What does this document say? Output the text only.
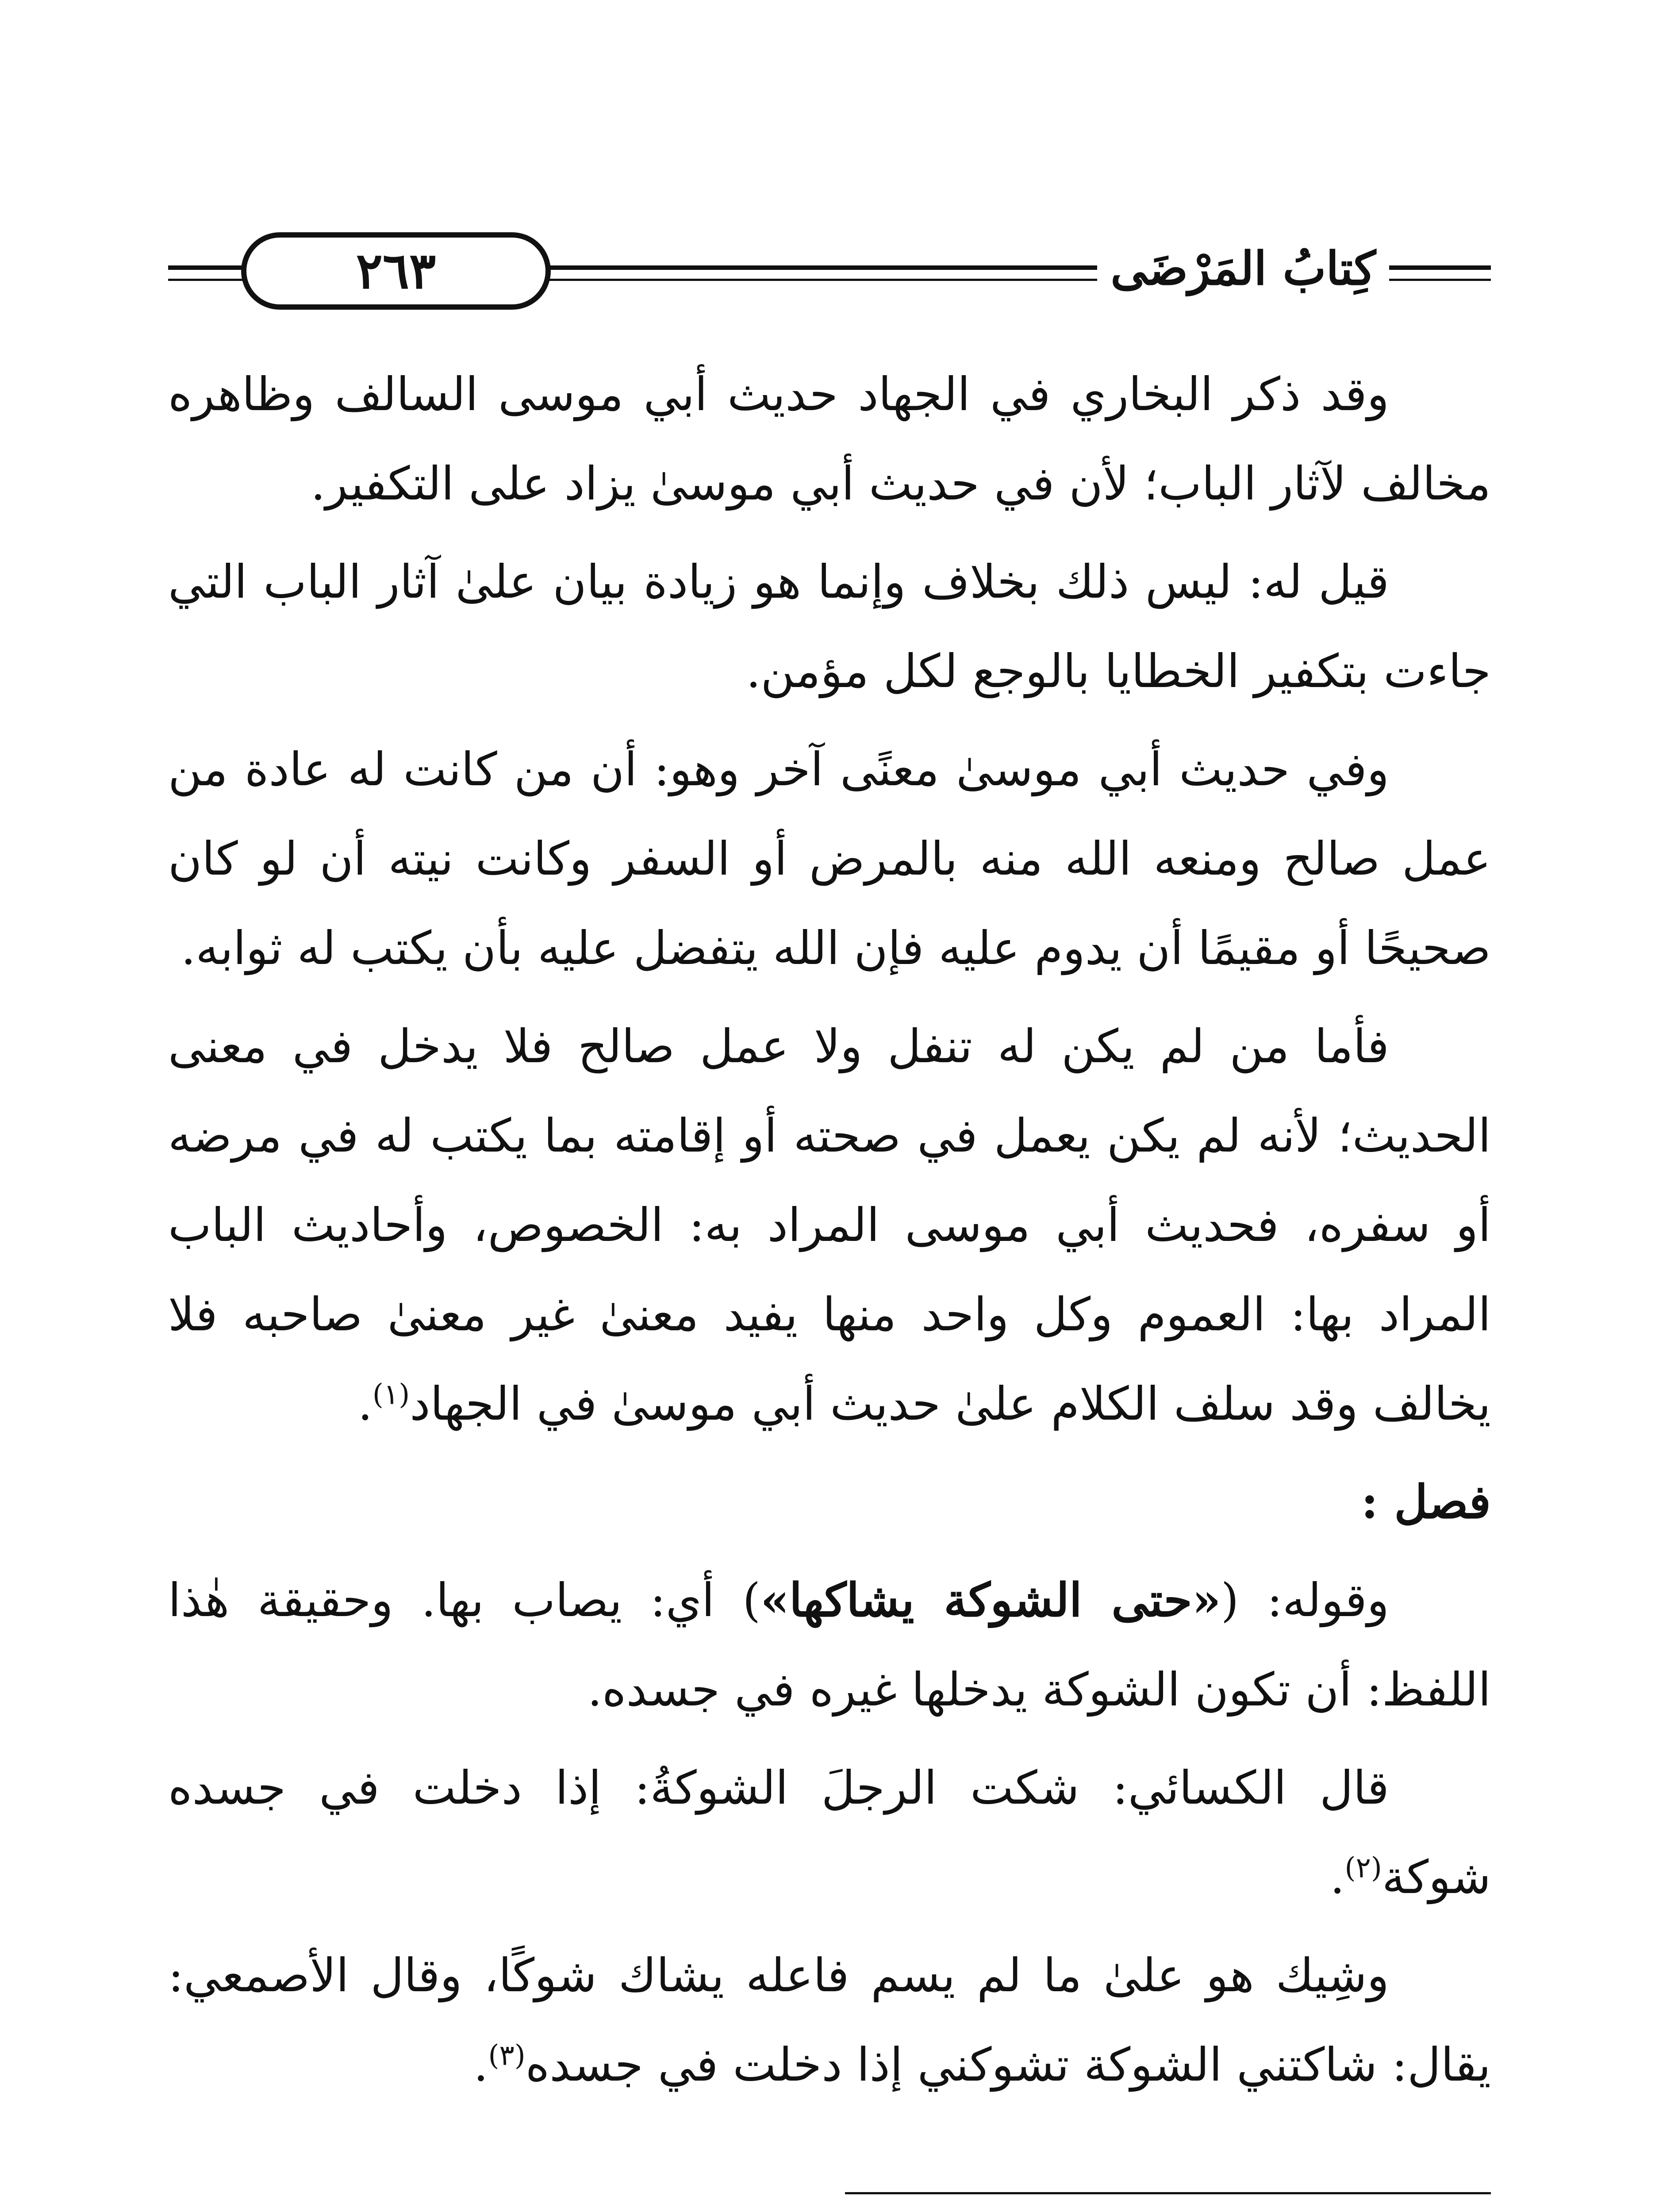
٢٦٣	كِتابُ المَرْضَى

وقد ذكر البخاري في الجهاد حديث أبي موسى السالف وظاهره مخالف لآثار الباب؛ لأن في حديث أبي موسىٰ يزاد على التكفير.

قيل له: ليس ذلك بخلاف وإنما هو زيادة بيان علىٰ آثار الباب التي جاءت بتكفير الخطايا بالوجع لكل مؤمن.

وفي حديث أبي موسىٰ معنًى آخر وهو: أن من كانت له عادة من عمل صالح ومنعه الله منه بالمرض أو السفر وكانت نيته أن لو كان صحيحًا أو مقيمًا أن يدوم عليه فإن الله يتفضل عليه بأن يكتب له ثوابه.

فأما من لم يكن له تنفل ولا عمل صالح فلا يدخل في معنى الحديث؛ لأنه لم يكن يعمل في صحته أو إقامته بما يكتب له في مرضه أو سفره، فحديث أبي موسى المراد به: الخصوص، وأحاديث الباب المراد بها: العموم وكل واحد منها يفيد معنىٰ غير معنىٰ صاحبه فلا يخالف وقد سلف الكلام علىٰ حديث أبي موسىٰ في الجهاد$^{(١)}$.

فصل :

وقوله: («حتى الشوكة يشاكها») أي: يصاب بها. وحقيقة هٰذا اللفظ: أن تكون الشوكة يدخلها غيره في جسده.

قال الكسائي: شكت الرجلَ الشوكةُ: إذا دخلت في جسده شوكة$^{(٢)}$.

وشِيك هو علىٰ ما لم يسم فاعله يشاك شوكًا، وقال الأصمعي: يقال: شاكتني الشوكة تشوكني إذا دخلت في جسده$^{(٣)}$.
